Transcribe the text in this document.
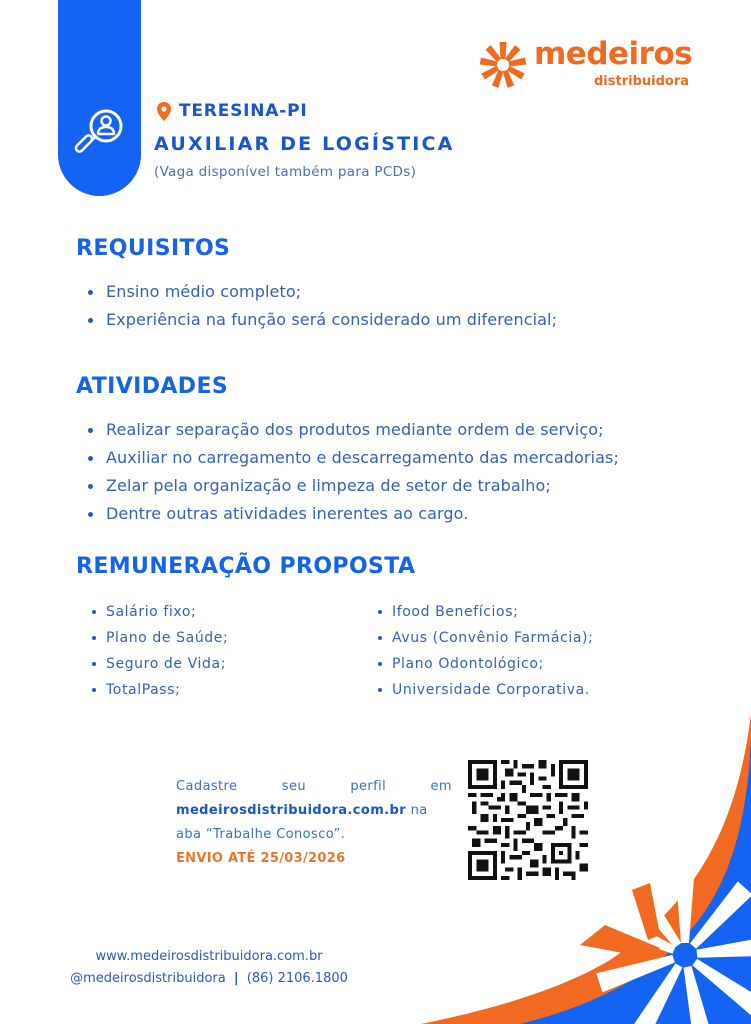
medeiros
distribuidora
TERESINA-PI
AUXILIAR DE LOGÍSTICA
(Vaga disponível também para PCDs)
REQUISITOS
Ensino médio completo;
Experiência na função será considerado um diferencial;
ATIVIDADES
Realizar separação dos produtos mediante ordem de serviço;
Auxiliar no carregamento e descarregamento das mercadorias;
Zelar pela organização e limpeza de setor de trabalho;
Dentre outras atividades inerentes ao cargo.
REMUNERAÇÃO PROPOSTA
Salário fixo;
Plano de Saúde;
Seguro de Vida;
TotalPass;
Ifood Benefícios;
Avus (Convênio Farmácia);
Plano Odontológico;
Universidade Corporativa.
Cadastre	seu	perfil	em
medeirosdistribuidora.com.br na
aba “Trabalhe Conosco”.
ENVIO ATÉ 25/03/2026
www.medeirosdistribuidora.com.br
@medeirosdistribuidora | (86) 2106.1800
